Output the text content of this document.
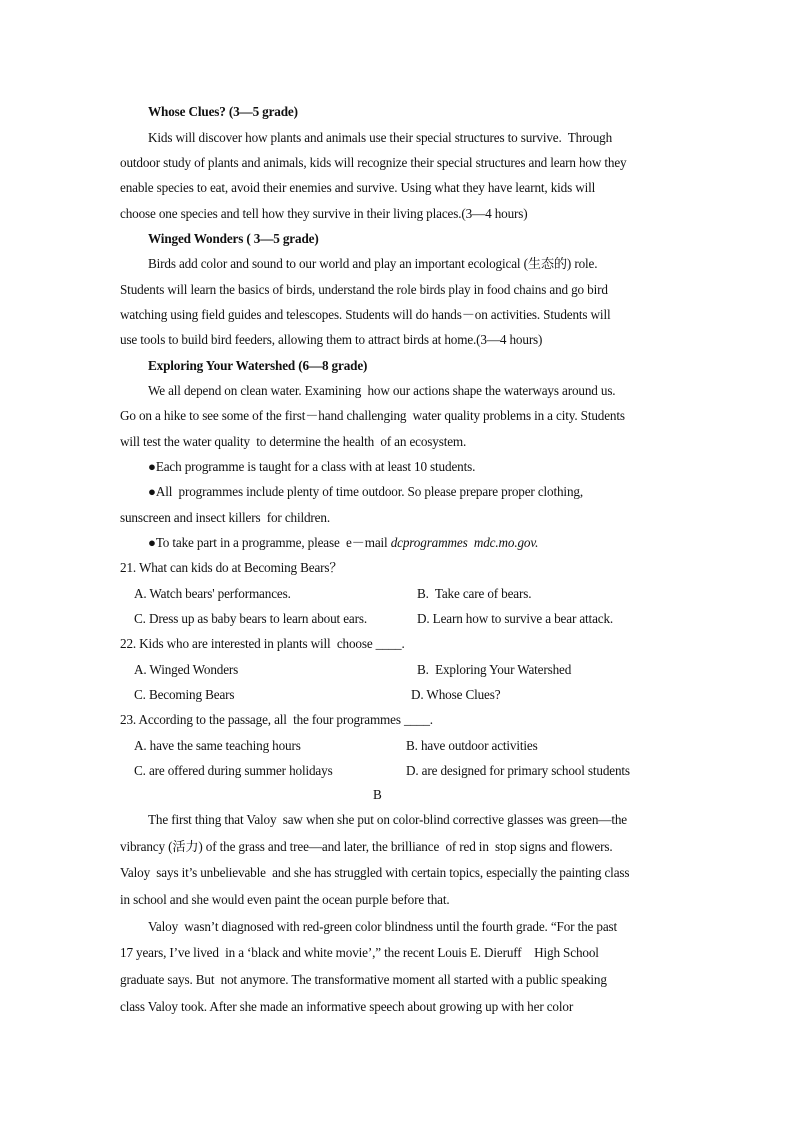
Whose Clues? (3—5 grade)
Kids will discover how plants and animals use their special structures to survive.  Through
outdoor study of plants and animals, kids will recognize their special structures and learn how they
enable species to eat, avoid their enemies and survive. Using what they have learnt, kids will
choose one species and tell how they survive in their living places.(3—4 hours)
Winged Wonders ( 3—5 grade)
Birds add color and sound to our world and play an important ecological (生态的) role.
Students will learn the basics of birds, understand the role birds play in food chains and go bird
watching using field guides and telescopes. Students will do hands－on activities. Students will
use tools to build bird feeders, allowing them to attract birds at home.(3—4 hours)
Exploring Your Watershed (6—8 grade)
We all depend on clean water. Examining  how our actions shape the waterways around us.
Go on a hike to see some of the first－hand challenging  water quality problems in a city. Students
will test the water quality  to determine the health  of an ecosystem.
●Each programme is taught for a class with at least 10 students.
●All  programmes include plenty of time outdoor. So please prepare proper clothing,
sunscreen and insect killers  for children.
●To take part in a programme, please  e－mail dcprogrammes  mdc.mo.gov.
21. What can kids do at Becoming Bears？
A. Watch bears' performances.	B.  Take care of bears.
C. Dress up as baby bears to learn about ears.	D. Learn how to survive a bear attack.
22. Kids who are interested in plants will  choose ____.
A. Winged Wonders	B.  Exploring Your Watershed
C. Becoming Bears	D. Whose Clues?
23. According to the passage, all  the four programmes ____.
A. have the same teaching hours	B. have outdoor activities
C. are offered during summer holidays	D. are designed for primary school students
B
The first thing that Valoy  saw when she put on color-blind corrective glasses was green—the
vibrancy (活力) of the grass and tree—and later, the brilliance  of red in  stop signs and flowers.
Valoy  says it’s unbelievable  and she has struggled with certain topics, especially the painting class
in school and she would even paint the ocean purple before that.
Valoy  wasn’t diagnosed with red-green color blindness until the fourth grade. “For the past
17 years, I’ve lived  in a ‘black and white movie’,” the recent Louis E. Dieruff    High School
graduate says. But  not anymore. The transformative moment all started with a public speaking
class Valoy took. After she made an informative speech about growing up with her color
